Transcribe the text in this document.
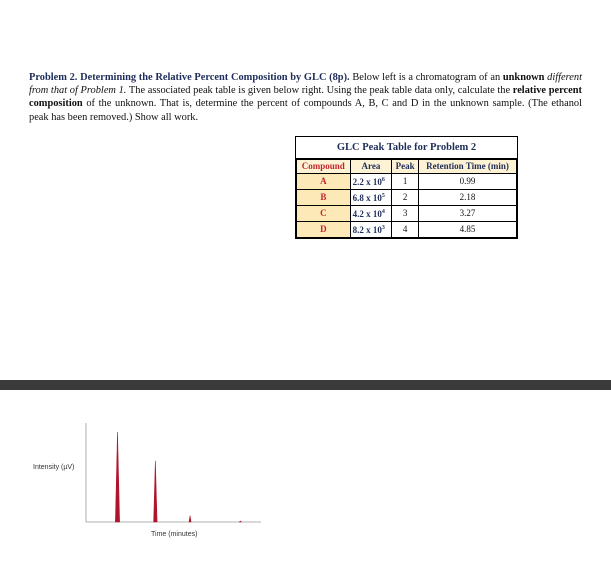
Problem 2. Determining the Relative Percent Composition by GLC (8p). Below left is a chromatogram of an unknown different from that of Problem 1. The associated peak table is given below right. Using the peak table data only, calculate the relative percent composition of the unknown. That is, determine the percent of compounds A, B, C and D in the unknown sample. (The ethanol peak has been removed.) Show all work.
GLC Peak Table for Problem 2
Compound	Area	Peak	Retention Time (min)
A	2.2 x $10^6$	1	0.99
B	6.8 x $10^5$	2	2.18
C	4.2 x $10^4$	3	3.27
D	8.2 x $10^3$	4	4.85
Intensity (µV)
Time (minutes)
